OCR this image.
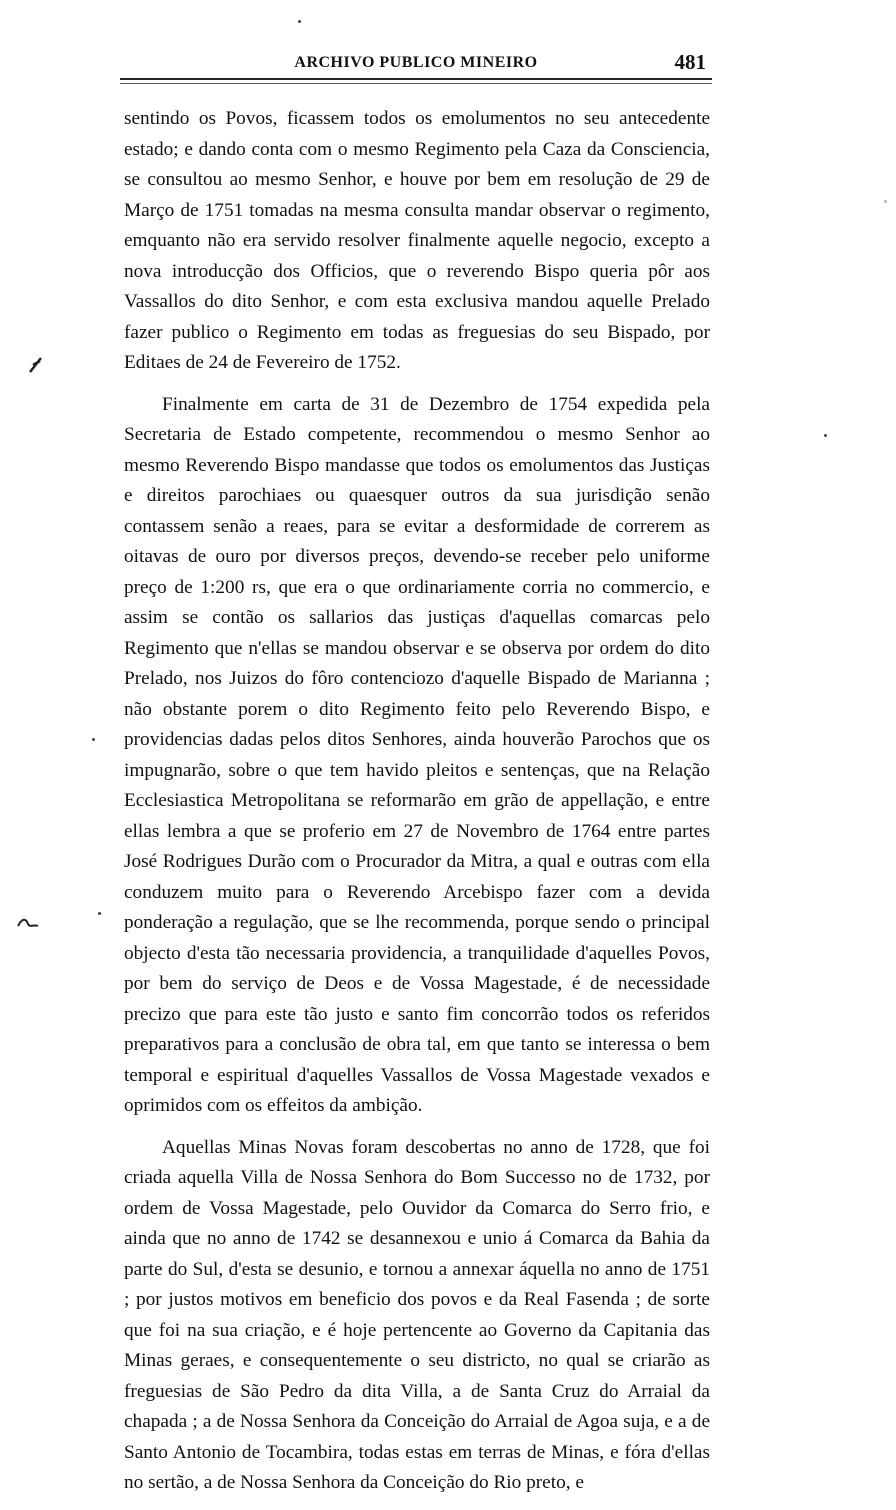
ARCHIVO PUBLICO MINEIRO	481

sentindo os Povos, ficassem todos os emolumentos no seu antecedente estado; e dando conta com o mesmo Regimento pela Caza da Consciencia, se consultou ao mesmo Senhor, e houve por bem em resolução de 29 de Março de 1751 tomadas na mesma consulta mandar observar o regimento, emquanto não era servido resolver finalmente aquelle negocio, excepto a nova introducção dos Officios, que o reverendo Bispo queria pôr aos Vassallos do dito Senhor, e com esta exclusiva mandou aquelle Prelado fazer publico o Regimento em todas as freguesias do seu Bispado, por Editaes de 24 de Fevereiro de 1752.

Finalmente em carta de 31 de Dezembro de 1754 expedida pela Secretaria de Estado competente, recommendou o mesmo Senhor ao mesmo Reverendo Bispo mandasse que todos os emolumentos das Justiças e direitos parochiaes ou quaesquer outros da sua jurisdição senão contassem senão a reaes, para se evitar a desformidade de correrem as oitavas de ouro por diversos preços, devendo-se receber pelo uniforme preço de 1:200 rs, que era o que ordinariamente corria no commercio, e assim se contão os sallarios das justiças d'aquellas comarcas pelo Regimento que n'ellas se mandou observar e se observa por ordem do dito Prelado, nos Juizos do fôro contenciozo d'aquelle Bispado de Marianna ; não obstante porem o dito Regimento feito pelo Reverendo Bispo, e providencias dadas pelos ditos Senhores, ainda houverão Parochos que os impugnarão, sobre o que tem havido pleitos e sentenças, que na Relação Ecclesiastica Metropolitana se reformarão em grão de appellação, e entre ellas lembra a que se proferio em 27 de Novembro de 1764 entre partes José Rodrigues Durão com o Procurador da Mitra, a qual e outras com ella conduzem muito para o Reverendo Arcebispo fazer com a devida ponderação a regulação, que se lhe recommenda, porque sendo o principal objecto d'esta tão necessaria providencia, a tranquilidade d'aquelles Povos, por bem do serviço de Deos e de Vossa Magestade, é de necessidade precizo que para este tão justo e santo fim concorrão todos os referidos preparativos para a conclusão de obra tal, em que tanto se interessa o bem temporal e espiritual d'aquelles Vassallos de Vossa Magestade vexados e oprimidos com os effeitos da ambição.

Aquellas Minas Novas foram descobertas no anno de 1728, que foi criada aquella Villa de Nossa Senhora do Bom Successo no de 1732, por ordem de Vossa Magestade, pelo Ouvidor da Comarca do Serro frio, e ainda que no anno de 1742 se desannexou e unio á Comarca da Bahia da parte do Sul, d'esta se desunio, e tornou a annexar áquella no anno de 1751 ; por justos motivos em beneficio dos povos e da Real Fasenda ; de sorte que foi na sua criação, e é hoje pertencente ao Governo da Capitania das Minas geraes, e consequentemente o seu districto, no qual se criarão as freguesias de São Pedro da dita Villa, a de Santa Cruz do Arraial da chapada ; a de Nossa Senhora da Conceição do Arraial de Agoa suja, e a de Santo Antonio de Tocambira, todas estas em terras de Minas, e fóra d'ellas no sertão, a de Nossa Senhora da Conceição do Rio preto, e
